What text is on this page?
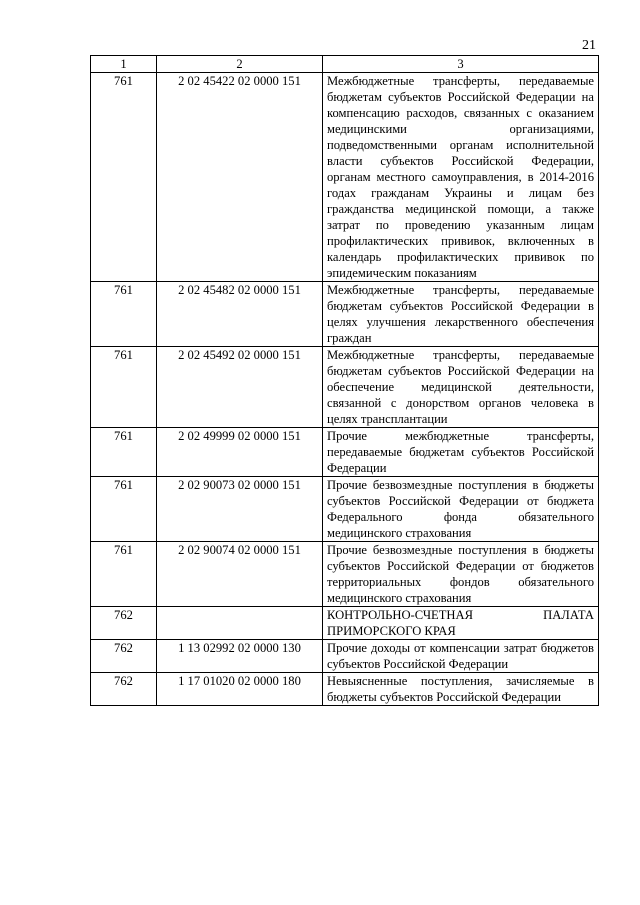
21
1	2	3
761	2 02 45422 02 0000 151	Межбюджетные трансферты, передаваемые бюджетам субъектов Российской Федерации на компенсацию расходов, связанных с оказанием медицинскими организациями, подведомственными органам исполнительной власти субъектов Российской Федерации, органам местного самоуправления, в 2014-2016 годах гражданам Украины и лицам без гражданства медицинской помощи, а также затрат по проведению указанным лицам профилактических прививок, включенных в календарь профилактических прививок по эпидемическим показаниям
761	2 02 45482 02 0000 151	Межбюджетные трансферты, передаваемые бюджетам субъектов Российской Федерации в целях улучшения лекарственного обеспечения граждан
761	2 02 45492 02 0000 151	Межбюджетные трансферты, передаваемые бюджетам субъектов Российской Федерации на обеспечение медицинской деятельности, связанной с донорством органов человека в целях трансплантации
761	2 02 49999 02 0000 151	Прочие межбюджетные трансферты, передаваемые бюджетам субъектов Российской Федерации
761	2 02 90073 02 0000 151	Прочие безвозмездные поступления в бюджеты субъектов Российской Федерации от бюджета Федерального фонда обязательного медицинского страхования
761	2 02 90074 02 0000 151	Прочие безвозмездные поступления в бюджеты субъектов Российской Федерации от бюджетов территориальных фондов обязательного медицинского страхования
762		КОНТРОЛЬНО-СЧЕТНАЯ ПАЛАТА ПРИМОРСКОГО КРАЯ
762	1 13 02992 02 0000 130	Прочие доходы от компенсации затрат бюджетов субъектов Российской Федерации
762	1 17 01020 02 0000 180	Невыясненные поступления, зачисляемые в бюджеты субъектов Российской Федерации
